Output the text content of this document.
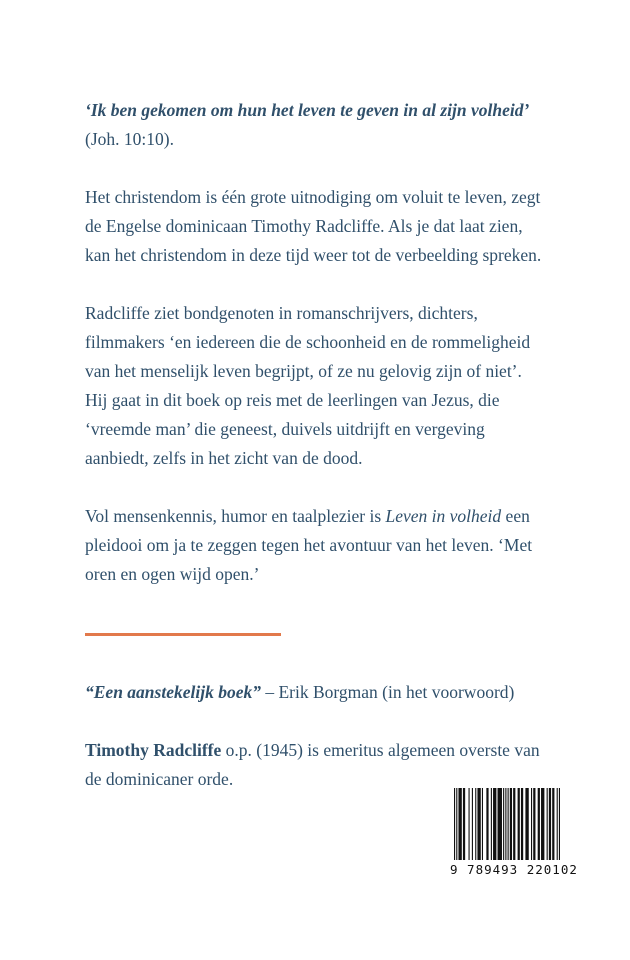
‘Ik ben gekomen om hun het leven te geven in al zijn volheid’ (Joh. 10:10).

Het christendom is één grote uitnodiging om voluit te leven, zegt de Engelse dominicaan Timothy Radcliffe. Als je dat laat zien, kan het christendom in deze tijd weer tot de verbeelding spreken.

Radcliffe ziet bondgenoten in romanschrijvers, dichters, filmmakers ‘en iedereen die de schoonheid en de rommeligheid van het menselijk leven begrijpt, of ze nu gelovig zijn of niet’. Hij gaat in dit boek op reis met de leerlingen van Jezus, die ‘vreemde man’ die geneest, duivels uitdrijft en vergeving aanbiedt, zelfs in het zicht van de dood.

Vol mensenkennis, humor en taalplezier is Leven in volheid een pleidooi om ja te zeggen tegen het avontuur van het leven. ‘Met oren en ogen wijd open.’

“Een aanstekelijk boek” – Erik Borgman (in het voorwoord)

Timothy Radcliffe o.p. (1945) is emeritus algemeen overste van de dominicaner orde.

9 789493 220102
